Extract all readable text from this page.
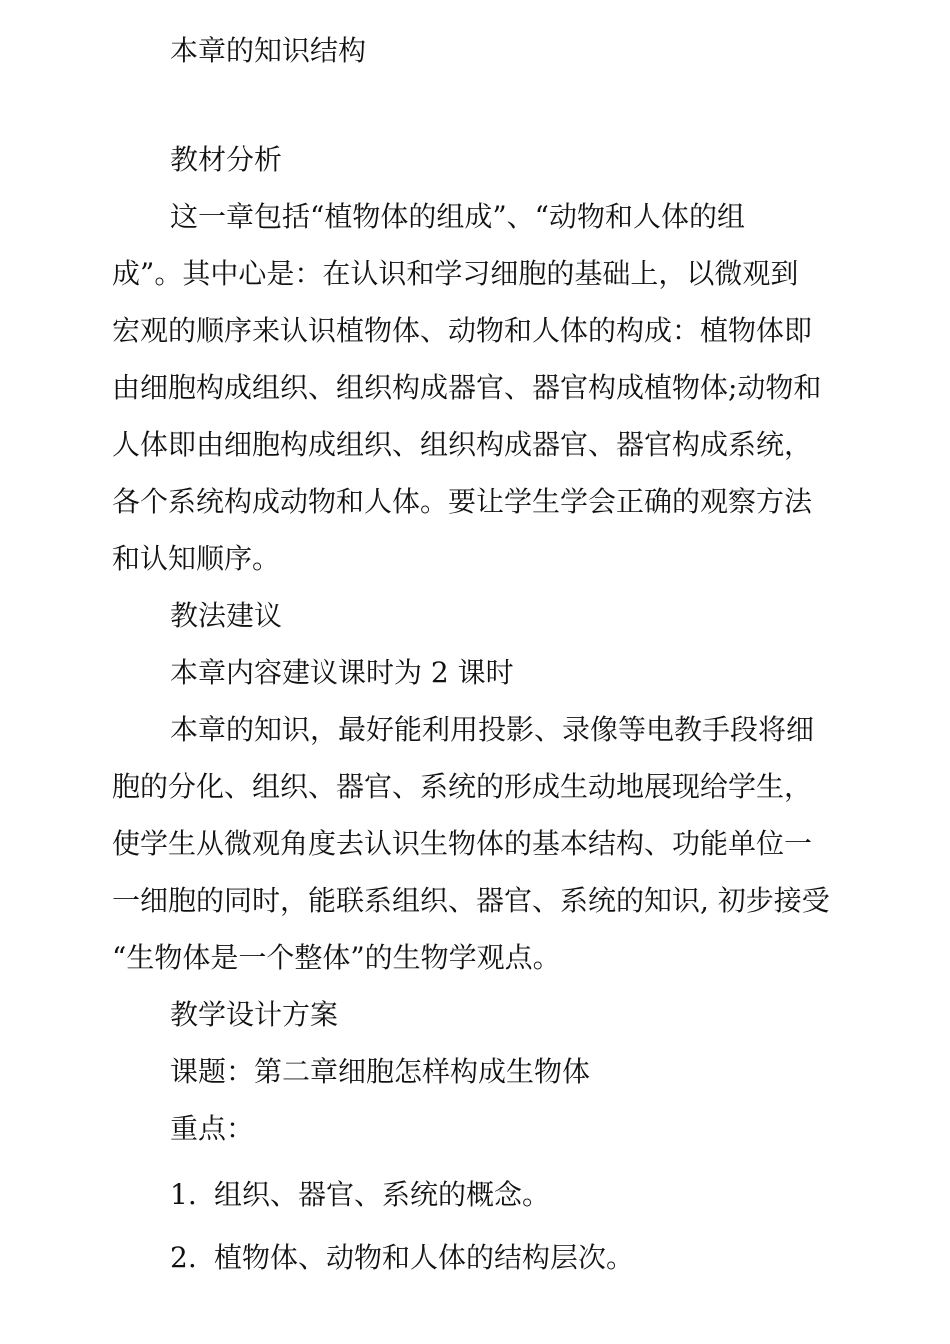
本章的知识结构
教材分析
这一章包括“植物体的组成”、“动物和人体的组
成”。其中心是：在认识和学习细胞的基础上，以微观到
宏观的顺序来认识植物体、动物和人体的构成：植物体即
由细胞构成组织、组织构成器官、器官构成植物体;动物和
人体即由细胞构成组织、组织构成器官、器官构成系统，
各个系统构成动物和人体。要让学生学会正确的观察方法
和认知顺序。
教法建议
本章内容建议课时为 2 课时
本章的知识，最好能利用投影、录像等电教手段将细
胞的分化、组织、器官、系统的形成生动地展现给学生，
使学生从微观角度去认识生物体的基本结构、功能单位一
一细胞的同时，能联系组织、器官、系统的知识, 初步接受
“生物体是一个整体”的生物学观点。
教学设计方案
课题：第二章细胞怎样构成生物体
重点：
1. 组织、器官、系统的概念。
2. 植物体、动物和人体的结构层次。
